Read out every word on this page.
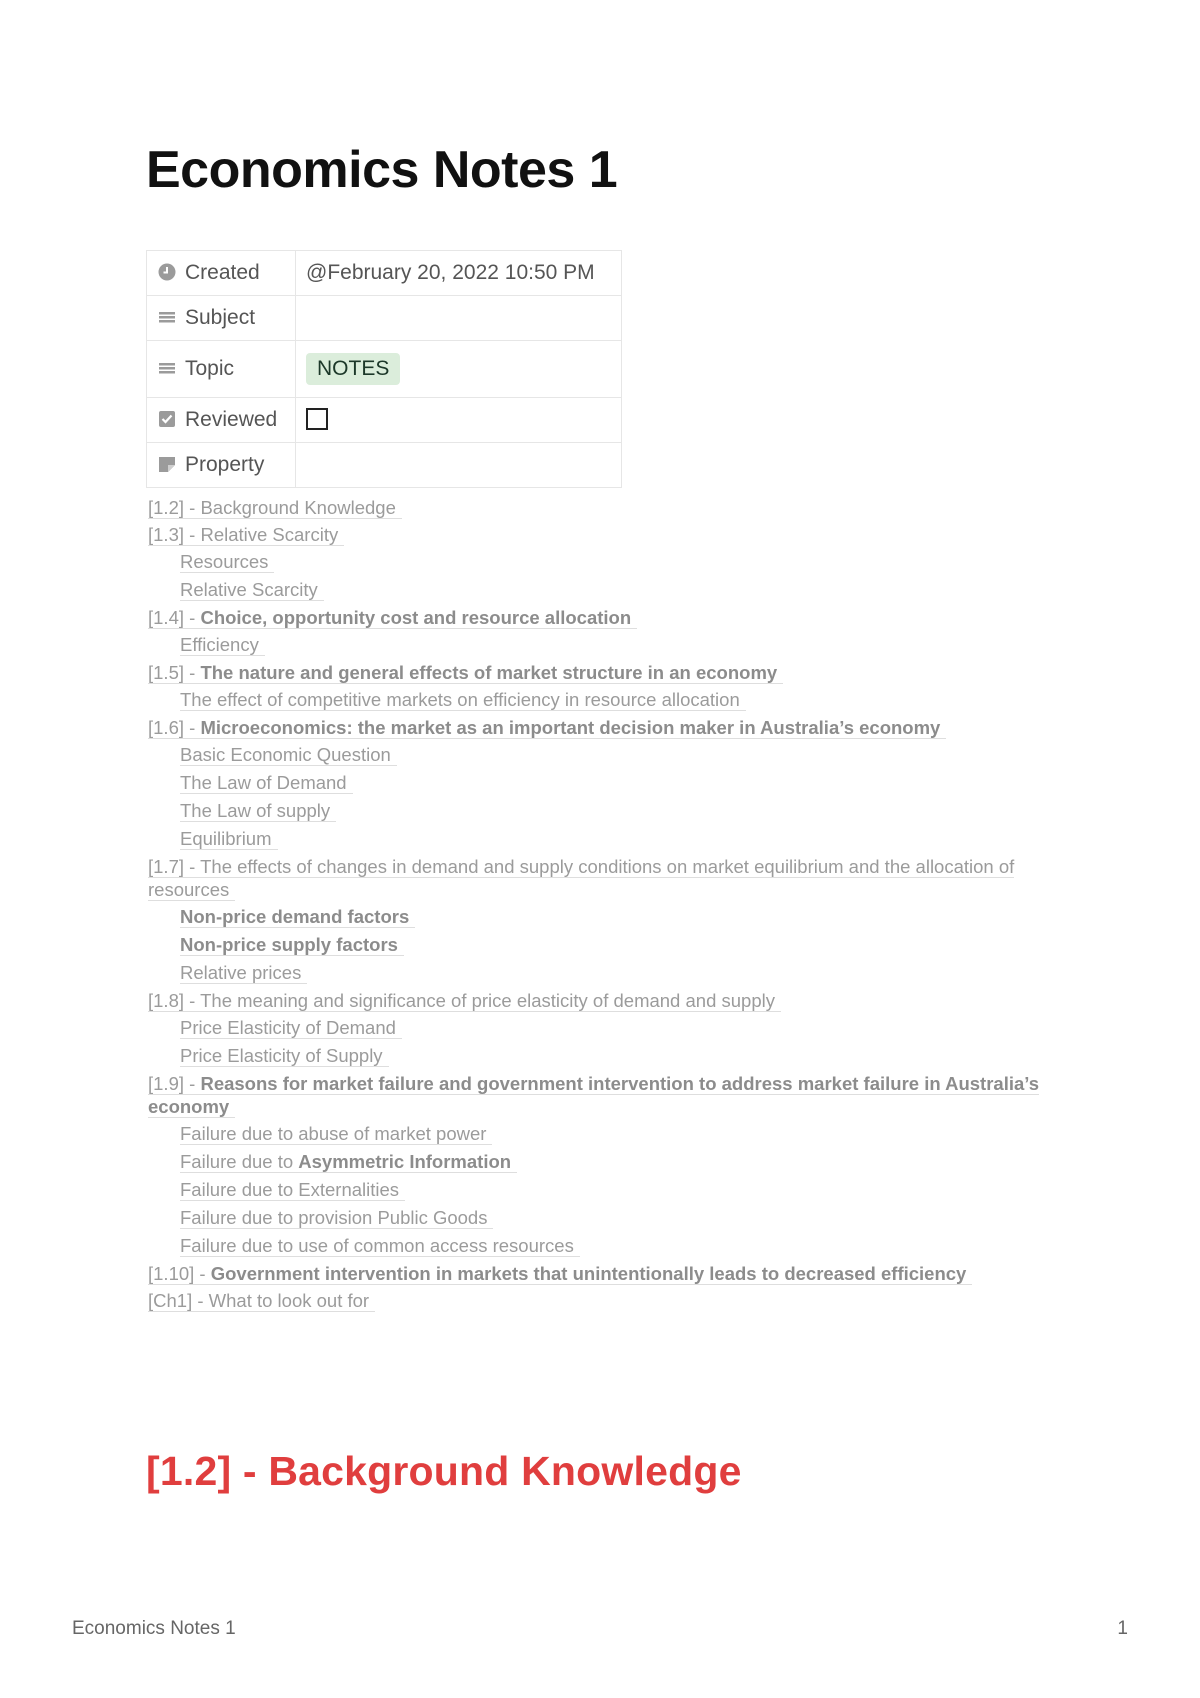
Economics Notes 1
Created	@February 20, 2022 10:50 PM
Subject	
Topic	NOTES
Reviewed	
Property	
[1.2] - Background Knowledge
[1.3] - Relative Scarcity
Resources
Relative Scarcity
[1.4] - Choice, opportunity cost and resource allocation
Efficiency
[1.5] - The nature and general effects of market structure in an economy
The effect of competitive markets on efficiency in resource allocation
[1.6] - Microeconomics: the market as an important decision maker in Australia’s economy
Basic Economic Question
The Law of Demand
The Law of supply
Equilibrium
[1.7] - The effects of changes in demand and supply conditions on market equilibrium and the allocation of resources
Non-price demand factors
Non-price supply factors
Relative prices
[1.8] - The meaning and significance of price elasticity of demand and supply
Price Elasticity of Demand
Price Elasticity of Supply
[1.9] - Reasons for market failure and government intervention to address market failure in Australia’s economy
Failure due to abuse of market power
Failure due to Asymmetric Information
Failure due to Externalities
Failure due to provision Public Goods
Failure due to use of common access resources
[1.10] - Government intervention in markets that unintentionally leads to decreased efficiency
[Ch1] - What to look out for
[1.2] - Background Knowledge
Economics Notes 1	1
